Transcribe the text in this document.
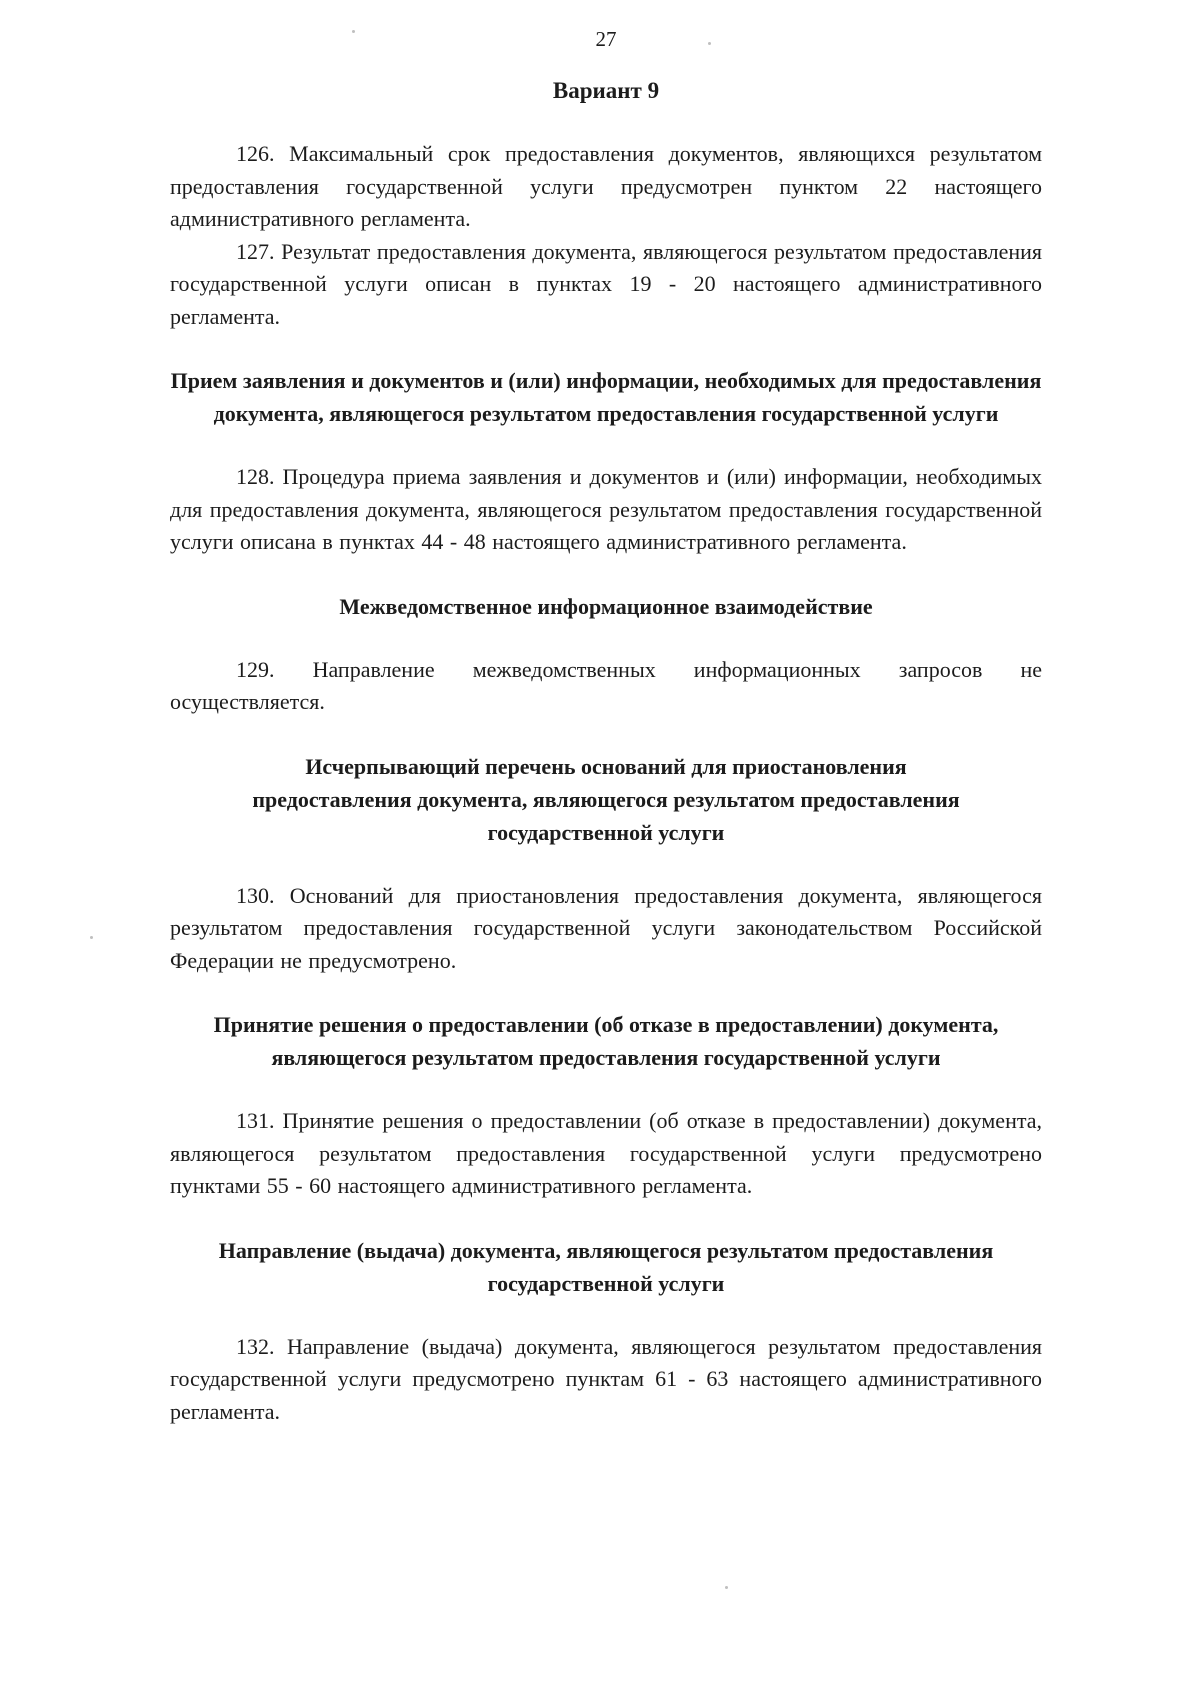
27
Вариант 9

126. Максимальный срок предоставления документов, являющихся результатом предоставления государственной услуги предусмотрен пунктом 22 настоящего административного регламента.

127. Результат предоставления документа, являющегося результатом предоставления государственной услуги описан в пунктах 19 - 20 настоящего административного регламента.

Прием заявления и документов и (или) информации, необходимых для предоставления документа, являющегося результатом предоставления государственной услуги

128. Процедура приема заявления и документов и (или) информации, необходимых для предоставления документа, являющегося результатом предоставления государственной услуги описана в пунктах 44 - 48 настоящего административного регламента.

Межведомственное информационное взаимодействие

129. Направление межведомственных информационных запросов не осуществляется.

Исчерпывающий перечень оснований для приостановления предоставления документа, являющегося результатом предоставления государственной услуги

130. Оснований для приостановления предоставления документа, являющегося результатом предоставления государственной услуги законодательством Российской Федерации не предусмотрено.

Принятие решения о предоставлении (об отказе в предоставлении) документа, являющегося результатом предоставления государственной услуги

131. Принятие решения о предоставлении (об отказе в предоставлении) документа, являющегося результатом предоставления государственной услуги предусмотрено пунктами 55 - 60 настоящего административного регламента.

Направление (выдача) документа, являющегося результатом предоставления государственной услуги

132. Направление (выдача) документа, являющегося результатом предоставления государственной услуги предусмотрено пунктам 61 - 63 настоящего административного регламента.
